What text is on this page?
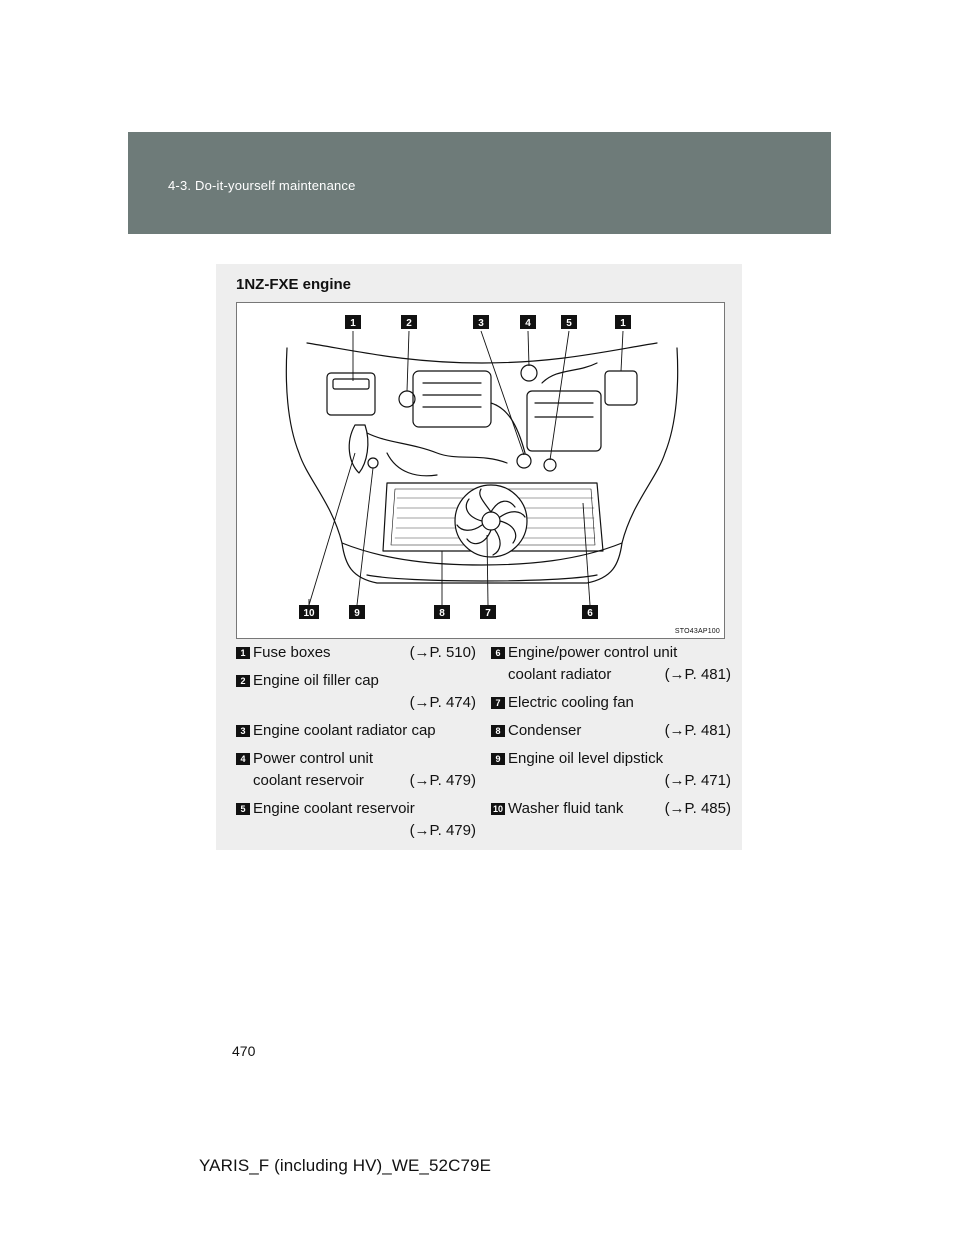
4-3. Do-it-yourself maintenance
1NZ-FXE engine
1	2	3	4	5	1
10	9	8	7	6
STO43AP100
1 Fuse boxes	(→P. 510)
2 Engine oil filler cap
(→P. 474)
3 Engine coolant radiator cap
4 Power control unit
coolant reservoir	(→P. 479)
5 Engine coolant reservoir
(→P. 479)
6 Engine/power control unit
coolant radiator	(→P. 481)
7 Electric cooling fan
8 Condenser	(→P. 481)
9 Engine oil level dipstick
(→P. 471)
10 Washer fluid tank	(→P. 485)
470
YARIS_F (including HV)_WE_52C79E
